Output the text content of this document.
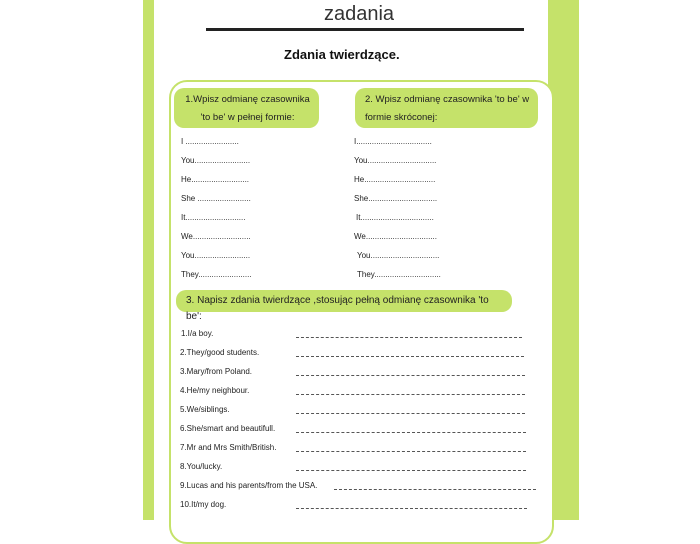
zadania
Zdania twierdzące.
1.Wpisz odmianę czasownika
'to be' w pełnej formie:
2. Wpisz odmianę czasownika 'to be' w
formie skróconej:
I ........................
You.........................
He..........................
She ........................
It...........................
We..........................
You.........................
They........................
I..................................
You...............................
He................................
She...............................
It.................................
We................................
You...............................
They..............................
3. Napisz zdania twierdzące ,stosując pełną odmianę czasownika 'to be':
1.I/a boy.
2.They/good students.
3.Mary/from Poland.
4.He/my neighbour.
5.We/siblings.
6.She/smart and beautifull.
7.Mr and Mrs Smith/British.
8.You/lucky.
9.Lucas and his parents/from the USA.
10.It/my dog.
